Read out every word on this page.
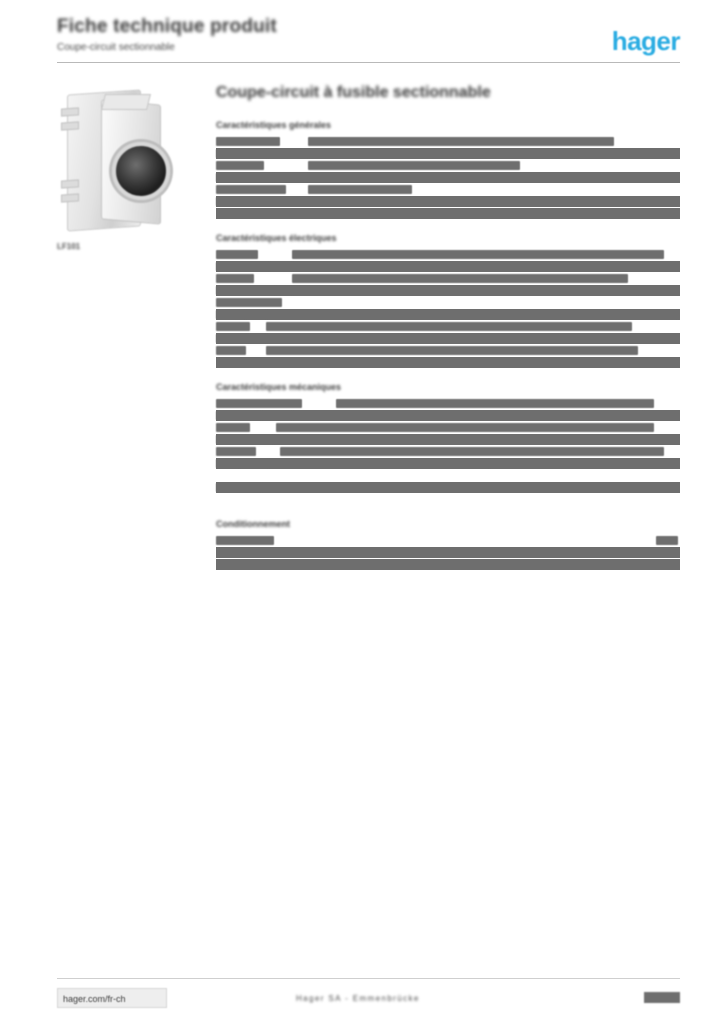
Fiche technique produit
Coupe-circuit sectionnable	hager
LF101
Coupe-circuit à fusible sectionnable
Caractéristiques générales
Caractéristiques électriques
Caractéristiques mécaniques
Conditionnement
hager.com/fr-ch	Hager SA - Emmenbrücke
